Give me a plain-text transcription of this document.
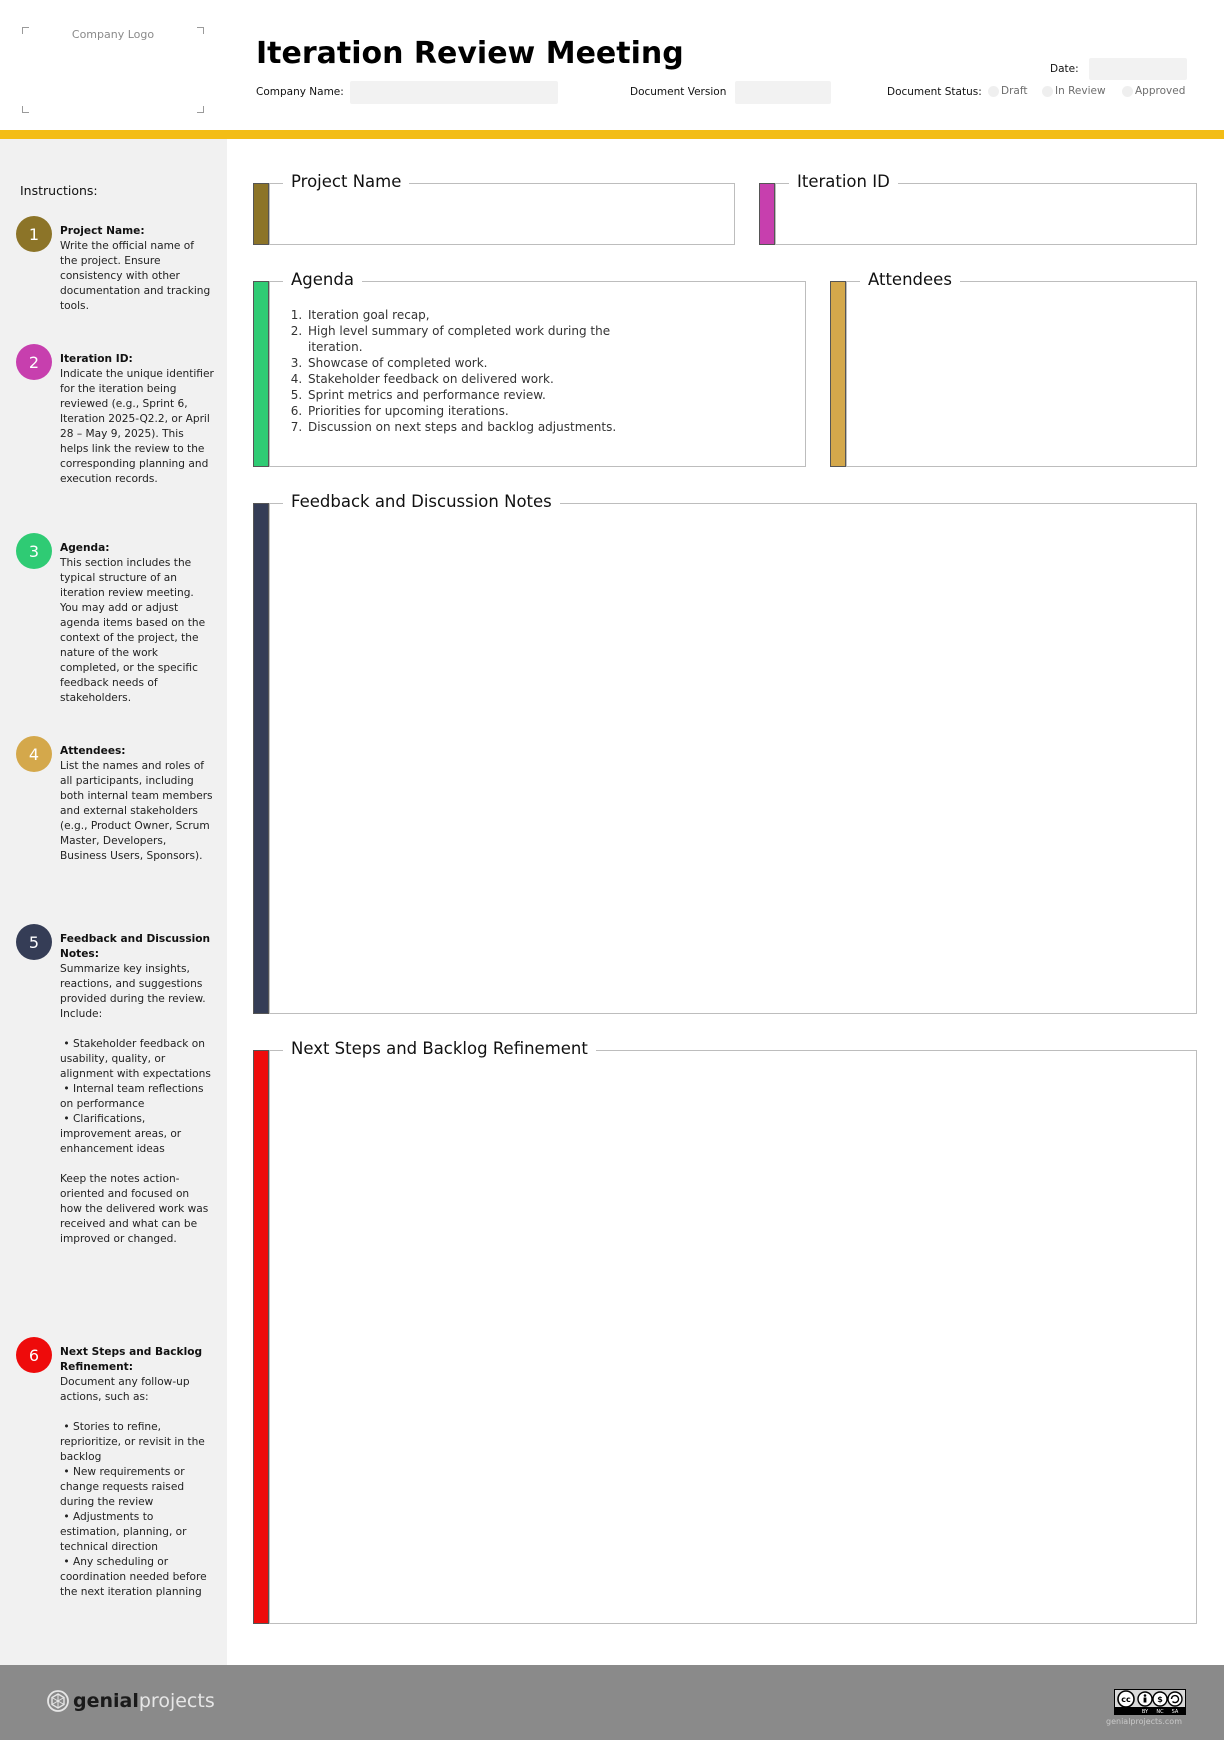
Company Logo
Iteration Review Meeting	Date:
Company Name:	Document Version	Document Status: Draft	In Review	Approved
Instructions:
1	Project Name:
Write the official name of the project. Ensure consistency with other documentation and tracking tools.
2	Iteration ID:
Indicate the unique identifier for the iteration being reviewed (e.g., Sprint 6, Iteration 2025-Q2.2, or April 28 – May 9, 2025). This helps link the review to the corresponding planning and execution records.
3	Agenda:
This section includes the typical structure of an iteration review meeting. You may add or adjust agenda items based on the context of the project, the nature of the work completed, or the specific feedback needs of stakeholders.
4	Attendees:
List the names and roles of all participants, including both internal team members and external stakeholders (e.g., Product Owner, Scrum Master, Developers, Business Users, Sponsors).
5	Feedback and Discussion Notes:
Summarize key insights, reactions, and suggestions provided during the review. Include:

• Stakeholder feedback on usability, quality, or alignment with expectations
• Internal team reflections on performance
• Clarifications, improvement areas, or enhancement ideas

Keep the notes action-oriented and focused on how the delivered work was received and what can be improved or changed.
6	Next Steps and Backlog Refinement:
Document any follow-up actions, such as:

• Stories to refine, reprioritize, or revisit in the backlog
• New requirements or change requests raised during the review
• Adjustments to estimation, planning, or technical direction
• Any scheduling or coordination needed before the next iteration planning
Project Name	Iteration ID
Agenda
1. Iteration goal recap,
2. High level summary of completed work during the iteration.
3. Showcase of completed work.
4. Stakeholder feedback on delivered work.
5. Sprint metrics and performance review.
6. Priorities for upcoming iterations.
7. Discussion on next steps and backlog adjustments.
Attendees
Feedback and Discussion Notes
Next Steps and Backlog Refinement
genial projects	cc	$
BY NC SA
genialprojects.com
